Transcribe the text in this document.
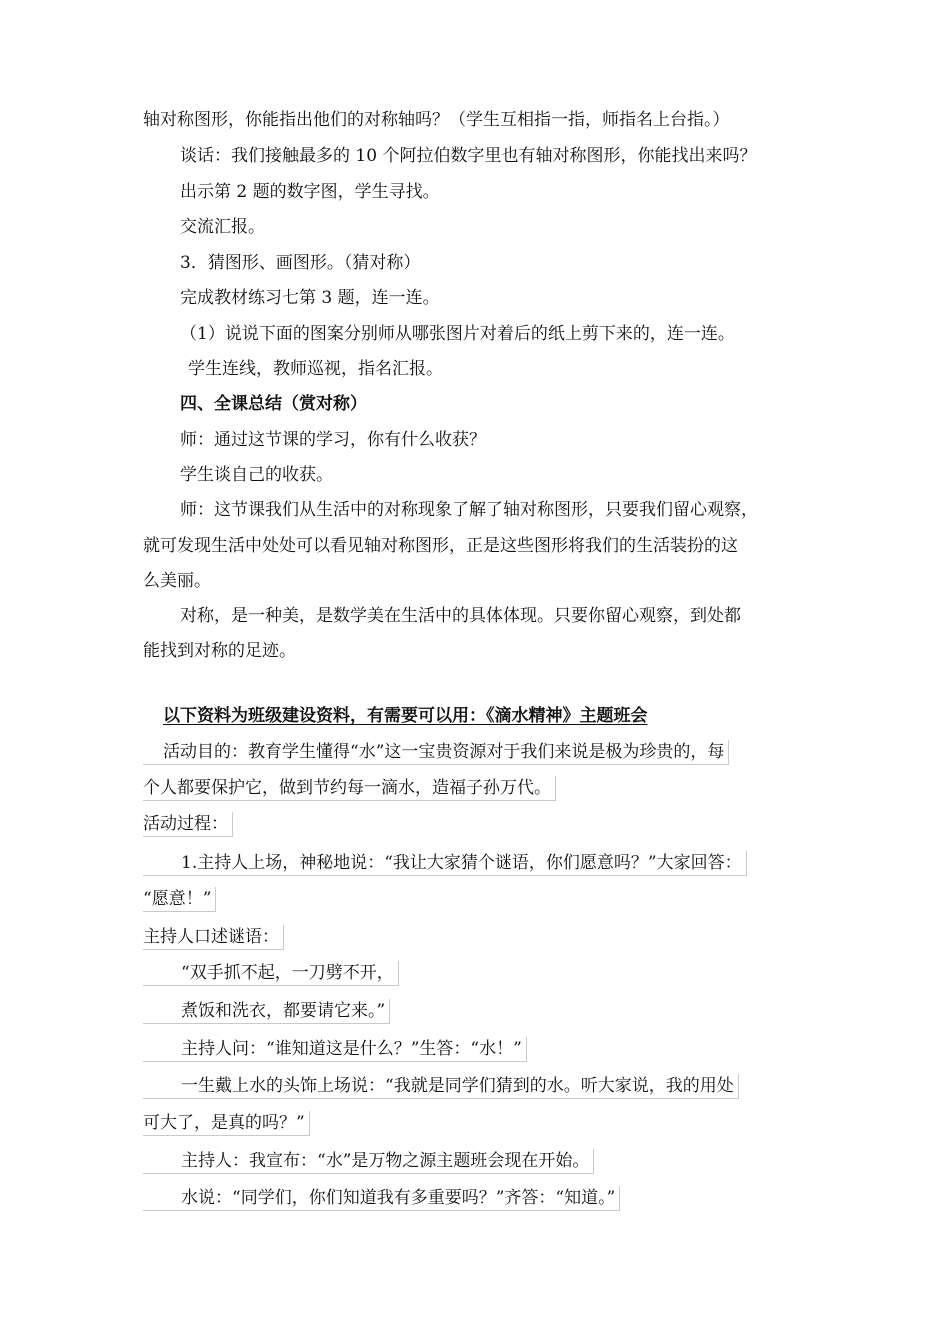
轴对称图形，你能指出他们的对称轴吗？（学生互相指一指，师指名上台指。）
谈话：我们接触最多的 10 个阿拉伯数字里也有轴对称图形，你能找出来吗？
出示第 2 题的数字图，学生寻找。
交流汇报。
3．猜图形、画图形。（猜对称）
完成教材练习七第 3 题，连一连。
（1）说说下面的图案分别师从哪张图片对着后的纸上剪下来的，连一连。
学生连线，教师巡视，指名汇报。
四、全课总结（赏对称）
师：通过这节课的学习，你有什么收获？
学生谈自己的收获。
师：这节课我们从生活中的对称现象了解了轴对称图形，只要我们留心观察，
就可发现生活中处处可以看见轴对称图形，正是这些图形将我们的生活装扮的这
么美丽。
对称，是一种美，是数学美在生活中的具体体现。只要你留心观察，到处都
能找到对称的足迹。
以下资料为班级建设资料，有需要可以用：《滴水精神》主题班会
活动目的：教育学生懂得“水”这一宝贵资源对于我们来说是极为珍贵的，每
个人都要保护它，做到节约每一滴水，造福子孙万代。
活动过程：
1.主持人上场，神秘地说：“我让大家猜个谜语，你们愿意吗？”大家回答：
“愿意！”
主持人口述谜语：
“双手抓不起，一刀劈不开，
煮饭和洗衣，都要请它来。”
主持人问：“谁知道这是什么？”生答：“水！”
一生戴上水的头饰上场说：“我就是同学们猜到的水。听大家说，我的用处
可大了，是真的吗？”
主持人：我宣布：“水”是万物之源主题班会现在开始。
水说：“同学们，你们知道我有多重要吗？”齐答：“知道。”
